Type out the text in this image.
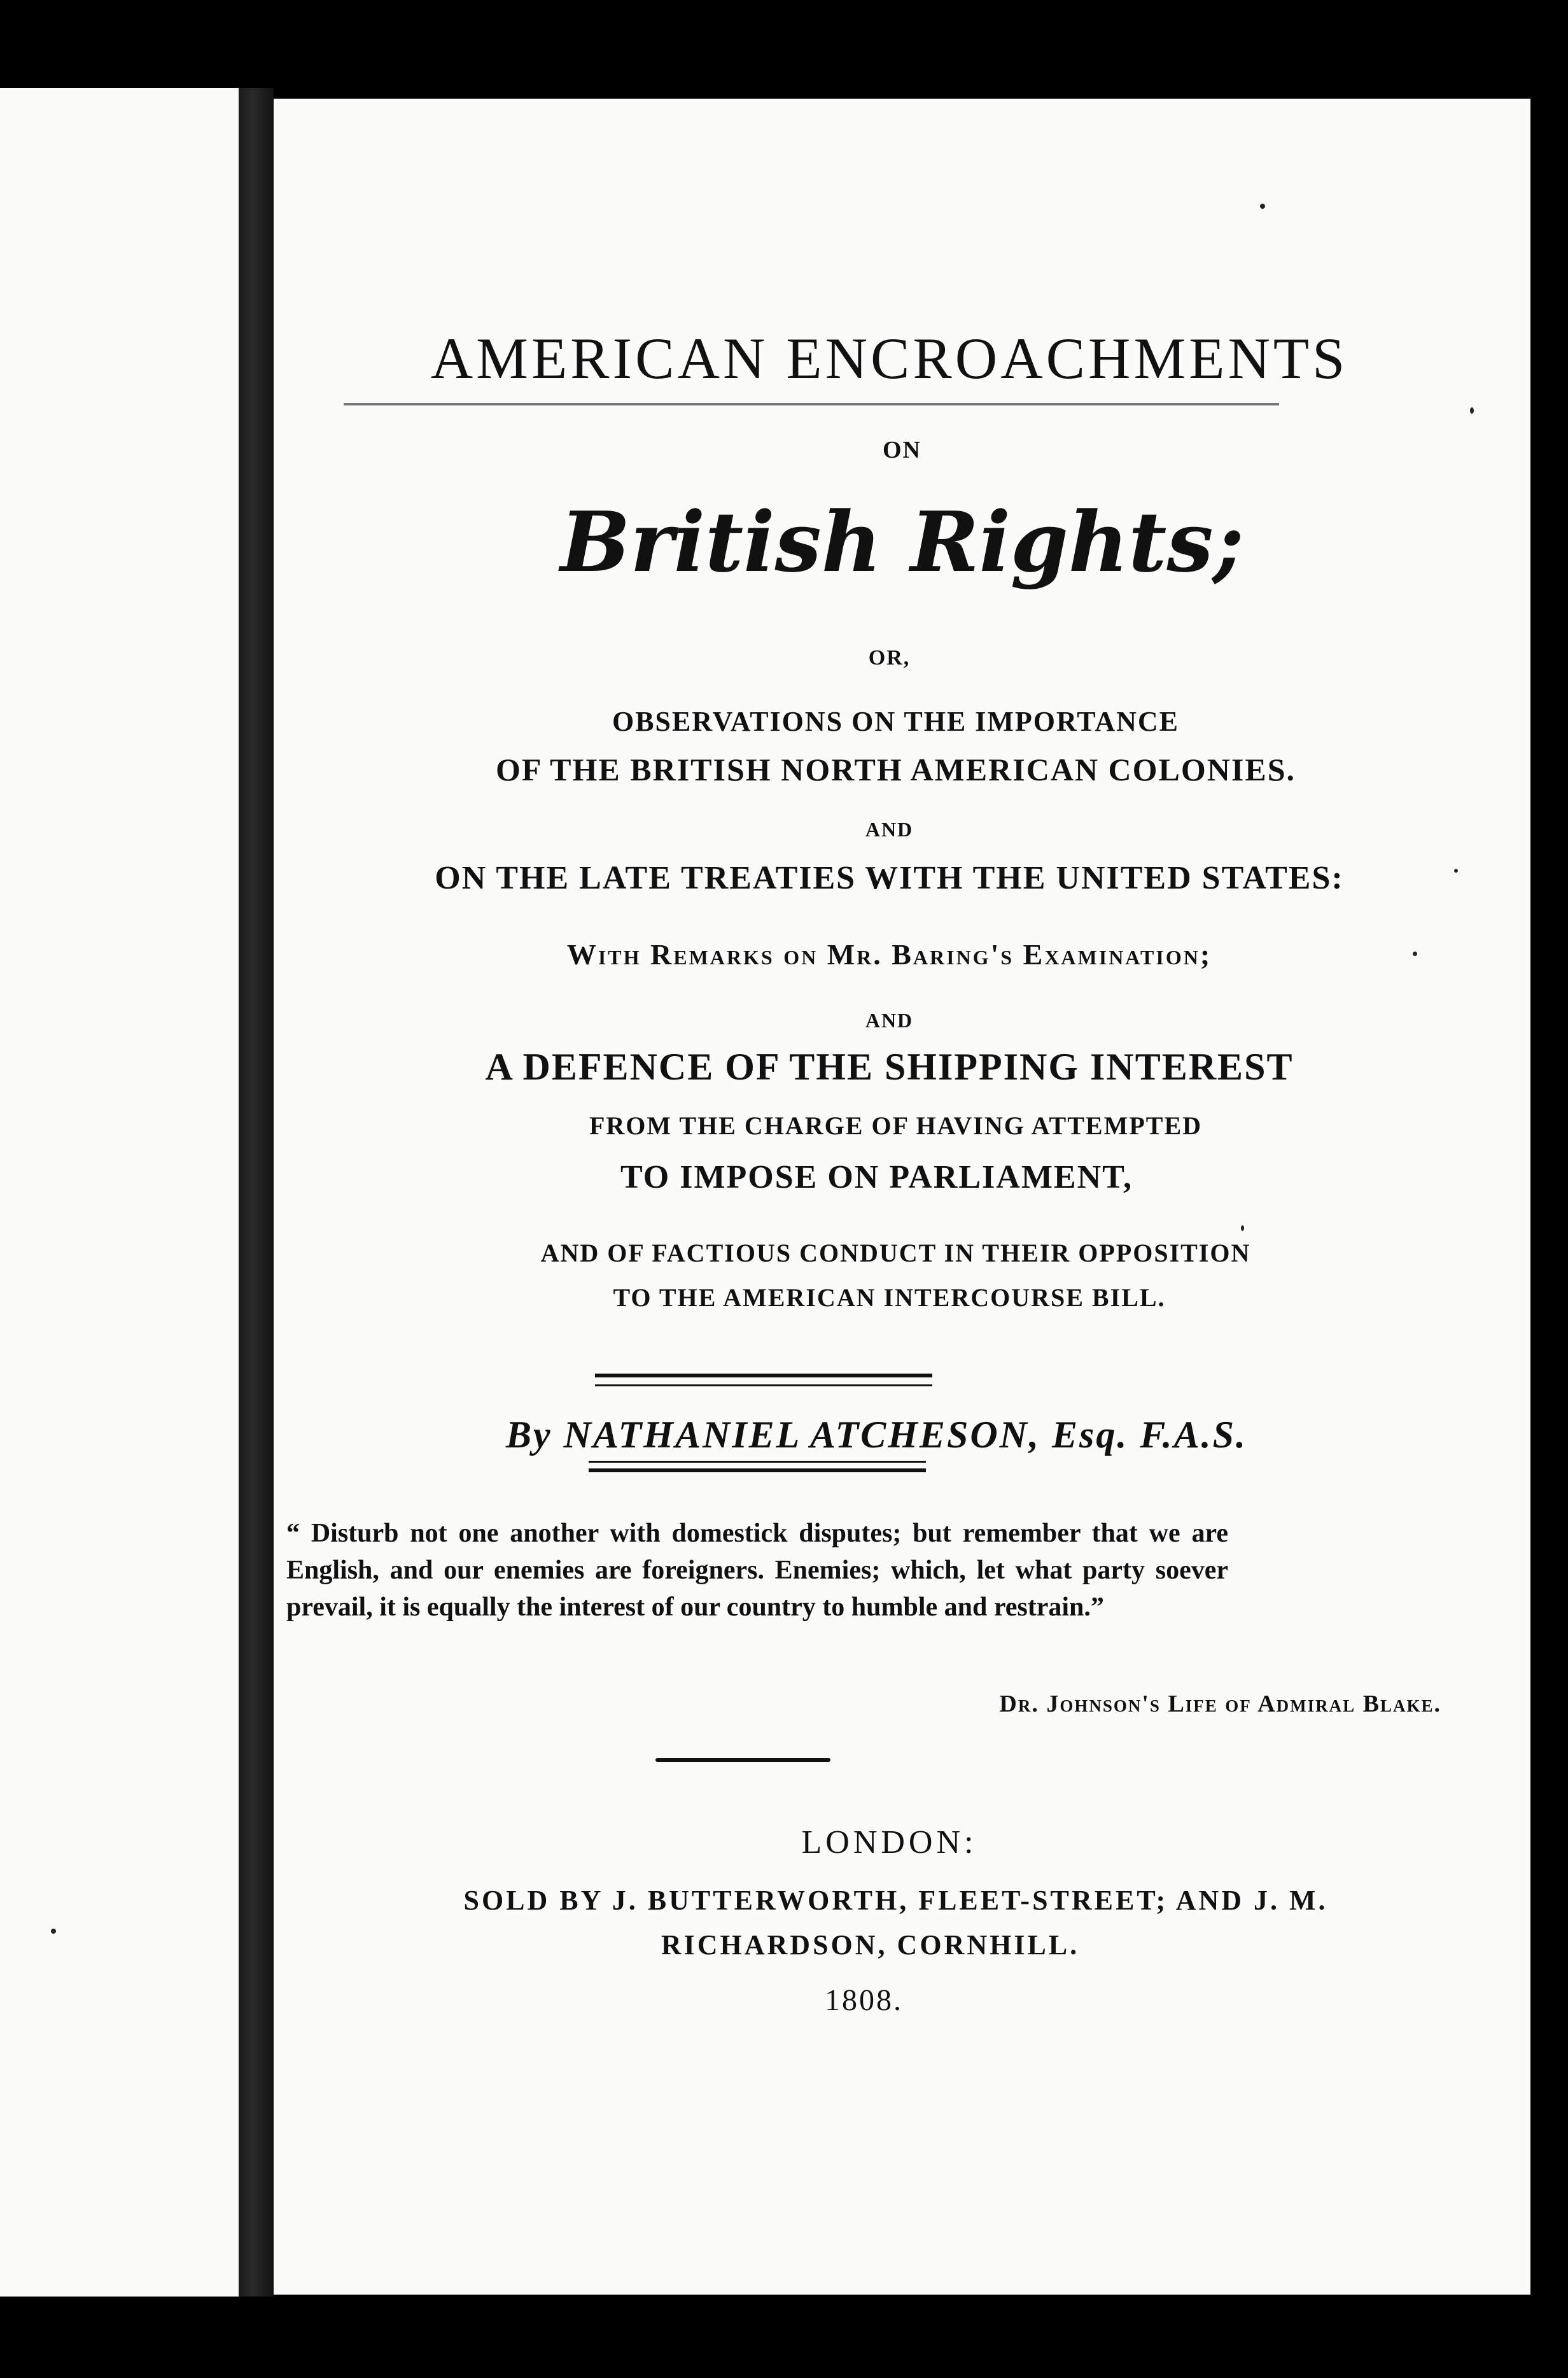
AMERICAN ENCROACHMENTS
ON
British Rights;
OR,
OBSERVATIONS ON THE IMPORTANCE
OF THE BRITISH NORTH AMERICAN COLONIES.
AND
ON THE LATE TREATIES WITH THE UNITED STATES:
With Remarks on Mr. Baring's Examination;
AND
A DEFENCE OF THE SHIPPING INTEREST
FROM THE CHARGE OF HAVING ATTEMPTED
TO IMPOSE ON PARLIAMENT,
AND OF FACTIOUS CONDUCT IN THEIR OPPOSITION
TO THE AMERICAN INTERCOURSE BILL.
By NATHANIEL ATCHESON, Esq. F.A.S.
“ Disturb not one another with domestick disputes; but remember that we are English, and our enemies are foreigners. Enemies; which, let what party soever prevail, it is equally the interest of our country to humble and restrain.”
Dr. Johnson's Life of Admiral Blake.
LONDON:
SOLD BY J. BUTTERWORTH, FLEET-STREET; AND J. M.
RICHARDSON, CORNHILL.
1808.
